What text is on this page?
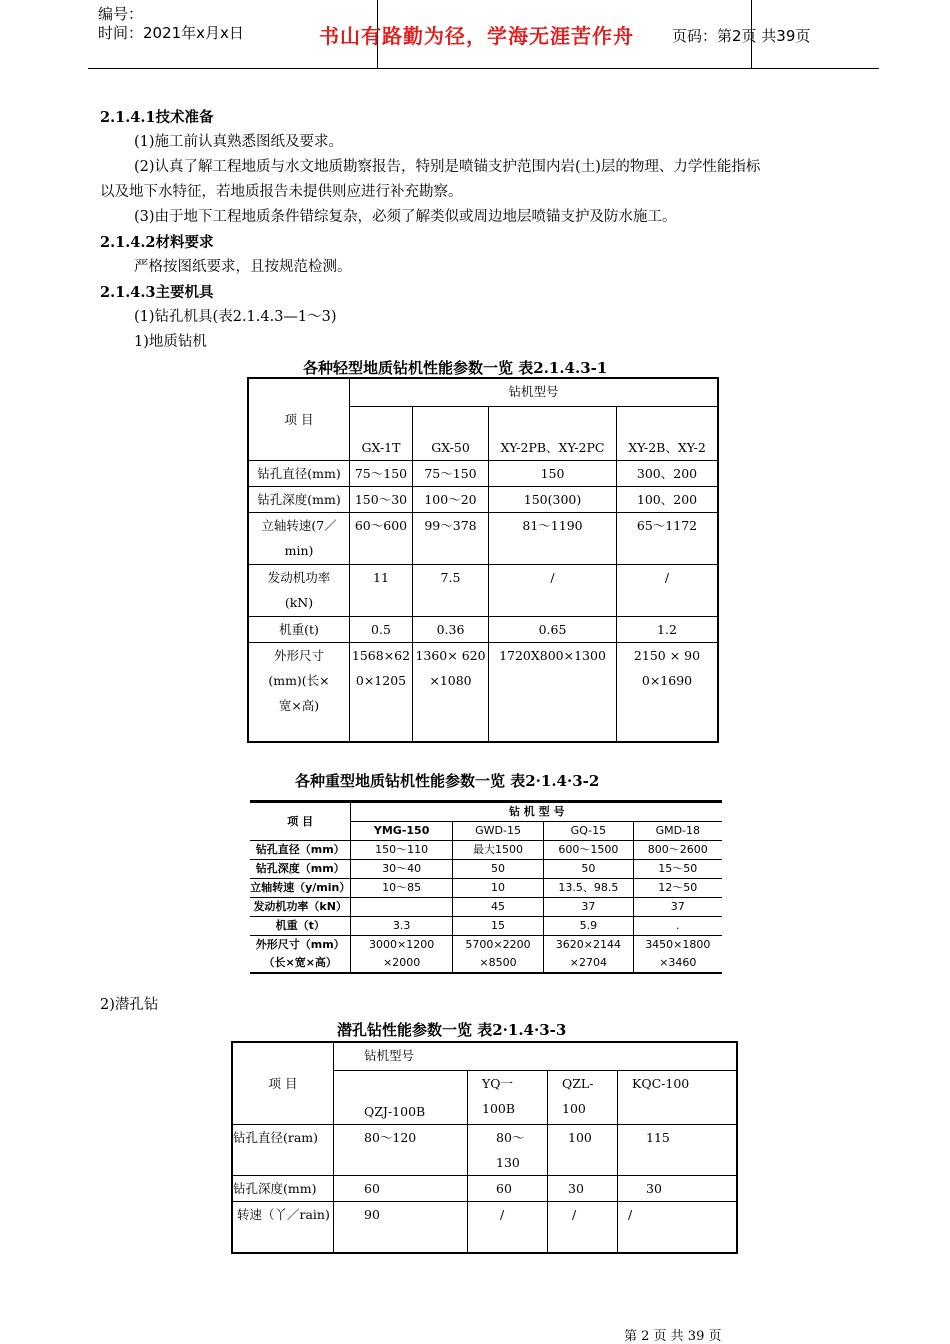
编号：
时间：2021年x月x日	书山有路勤为径，学海无涯苦作舟	页码：第2页 共39页
2.1.4.1技术准备
(1)施工前认真熟悉图纸及要求。
(2)认真了解工程地质与水文地质勘察报告，特别是喷锚支护范围内岩(土)层的物理、力学性能指标
以及地下水特征，若地质报告未提供则应进行补充勘察。
(3)由于地下工程地质条件错综复杂，必须了解类似或周边地层喷锚支护及防水施工。
2.1.4.2材料要求
严格按图纸要求，且按规范检测。
2.1.4.3主要机具
(1)钻孔机具(表2.1.4.3—1～3)
1)地质钻机
各种轻型地质钻机性能参数一览 表2.1.4.3-1
项 目	钻机型号			
	GX-1T	GX-50	XY-2PB、XY-2PC	XY-2B、XY-2
钻孔直径(mm)	75～150	75～150	150	300、200
钻孔深度(mm)	150～30	100～20	150(300)	100、200
立轴转速(7／min)	60～600	99～378	81～1190	65～1172
发动机功率(kN)	11	7.5	/	/
机重(t)	0.5	0.36	0.65	1.2
外形尺寸(mm)(长×宽×高)	1568×620×1205	1360× 620×1080	1720X800×1300	2150 × 900×1690
各种重型地质钻机性能参数一览 表2·1.4·3-2
项 目	钻 机 型 号			
	YMG-150	GWD-15	GQ-15	GMD-18
钻孔直径（mm）	150～110	最大1500	600～1500	800～2600
钻孔深度（mm）	30～40	50	50	15～50
立轴转速（y/min）	10～85	10	13.5、98.5	12～50
发动机功率（kN）		45	37	37
机重（t）	3.3	15	5.9	.
外形尺寸（mm）	3000×1200	5700×2200	3620×2144	3450×1800
（长×宽×高）	×2000	×8500	×2704	×3460
2)潜孔钻
潜孔钻性能参数一览 表2·1.4·3-3
项 目	钻机型号			
	QZJ-100B	YQ一100B	QZL-100	KQC-100
钻孔直径(ram)	80～120	80～130	100	115
钻孔深度(mm)	60	60	30	30
转速（丫／rain)	90	/	/	/
第 2 页 共 39 页
